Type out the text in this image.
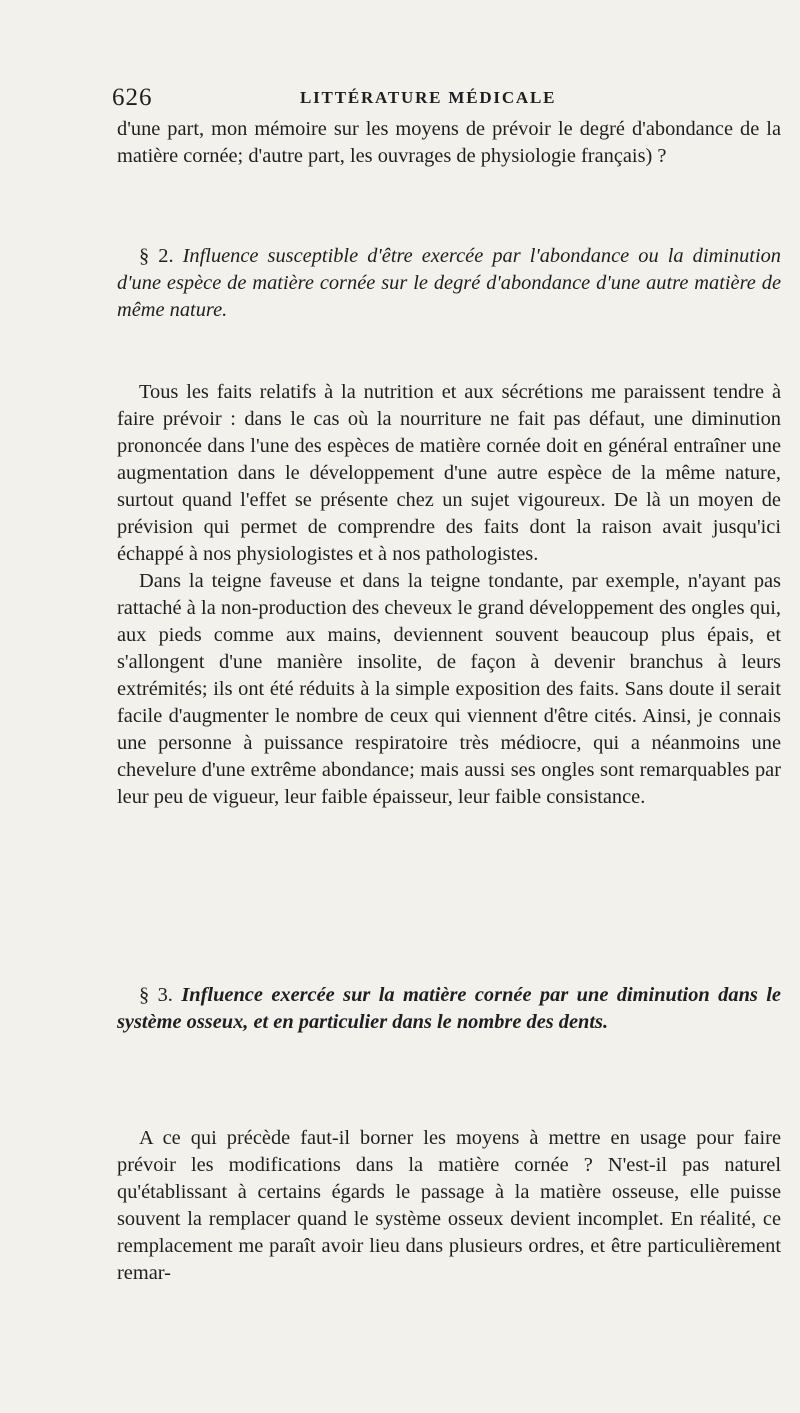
626	LITTÉRATURE MÉDICALE

d'une part, mon mémoire sur les moyens de prévoir le degré d'abondance de la matière cornée; d'autre part, les ouvrages de physiologie français) ?

§ 2. Influence susceptible d'être exercée par l'abondance ou la diminution d'une espèce de matière cornée sur le degré d'abondance d'une autre matière de même nature.

Tous les faits relatifs à la nutrition et aux sécrétions me paraissent tendre à faire prévoir : dans le cas où la nourriture ne fait pas défaut, une diminution prononcée dans l'une des espèces de matière cornée doit en général entraîner une augmentation dans le développement d'une autre espèce de la même nature, surtout quand l'effet se présente chez un sujet vigoureux. De là un moyen de prévision qui permet de comprendre des faits dont la raison avait jusqu'ici échappé à nos physiologistes et à nos pathologistes.

Dans la teigne faveuse et dans la teigne tondante, par exemple, n'ayant pas rattaché à la non-production des cheveux le grand développement des ongles qui, aux pieds comme aux mains, deviennent souvent beaucoup plus épais, et s'allongent d'une manière insolite, de façon à devenir branchus à leurs extrémités; ils ont été réduits à la simple exposition des faits. Sans doute il serait facile d'augmenter le nombre de ceux qui viennent d'être cités. Ainsi, je connais une personne à puissance respiratoire très médiocre, qui a néanmoins une chevelure d'une extrême abondance; mais aussi ses ongles sont remarquables par leur peu de vigueur, leur faible épaisseur, leur faible consistance.

§ 3. Influence exercée sur la matière cornée par une diminution dans le système osseux, et en particulier dans le nombre des dents.

A ce qui précède faut-il borner les moyens à mettre en usage pour faire prévoir les modifications dans la matière cornée ? N'est-il pas naturel qu'établissant à certains égards le passage à la matière osseuse, elle puisse souvent la remplacer quand le système osseux devient incomplet. En réalité, ce remplacement me paraît avoir lieu dans plusieurs ordres, et être particulièrement remar-
